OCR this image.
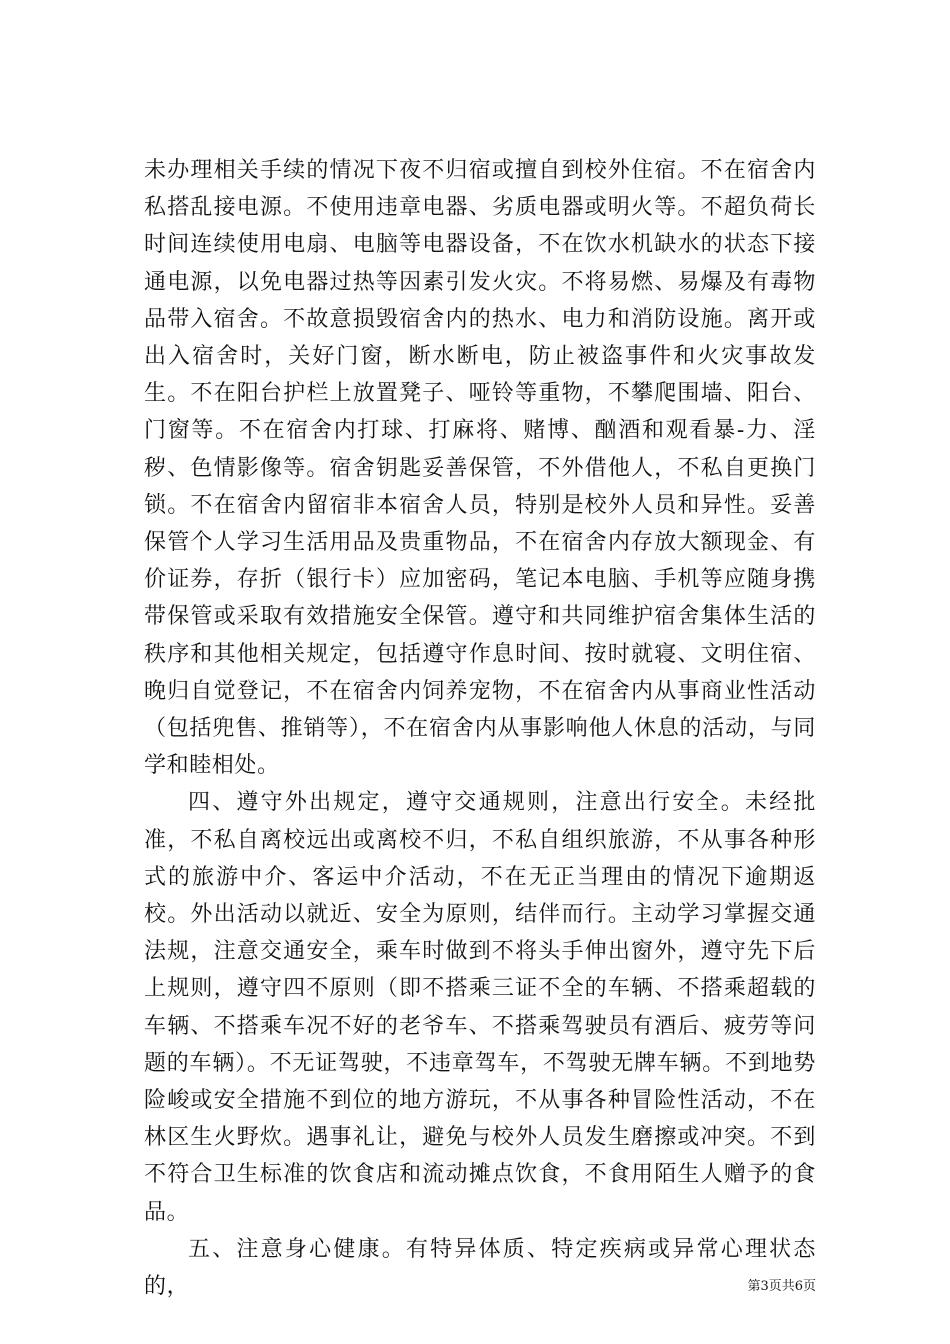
未办理相关手续的情况下夜不归宿或擅自到校外住宿。不在宿舍内私搭乱接电源。不使用违章电器、劣质电器或明火等。不超负荷长时间连续使用电扇、电脑等电器设备，不在饮水机缺水的状态下接通电源，以免电器过热等因素引发火灾。不将易燃、易爆及有毒物品带入宿舍。不故意损毁宿舍内的热水、电力和消防设施。离开或出入宿舍时，关好门窗，断水断电，防止被盗事件和火灾事故发生。不在阳台护栏上放置凳子、哑铃等重物，不攀爬围墙、阳台、门窗等。不在宿舍内打球、打麻将、赌博、酗酒和观看暴-力、淫秽、色情影像等。宿舍钥匙妥善保管，不外借他人，不私自更换门锁。不在宿舍内留宿非本宿舍人员，特别是校外人员和异性。妥善保管个人学习生活用品及贵重物品，不在宿舍内存放大额现金、有价证券，存折（银行卡）应加密码，笔记本电脑、手机等应随身携带保管或采取有效措施安全保管。遵守和共同维护宿舍集体生活的秩序和其他相关规定，包括遵守作息时间、按时就寝、文明住宿、晚归自觉登记，不在宿舍内饲养宠物，不在宿舍内从事商业性活动（包括兜售、推销等），不在宿舍内从事影响他人休息的活动，与同学和睦相处。

四、遵守外出规定，遵守交通规则，注意出行安全。未经批准，不私自离校远出或离校不归，不私自组织旅游，不从事各种形式的旅游中介、客运中介活动，不在无正当理由的情况下逾期返校。外出活动以就近、安全为原则，结伴而行。主动学习掌握交通法规，注意交通安全，乘车时做到不将头手伸出窗外，遵守先下后上规则，遵守四不原则（即不搭乘三证不全的车辆、不搭乘超载的车辆、不搭乘车况不好的老爷车、不搭乘驾驶员有酒后、疲劳等问题的车辆）。不无证驾驶，不违章驾车，不驾驶无牌车辆。不到地势险峻或安全措施不到位的地方游玩，不从事各种冒险性活动，不在林区生火野炊。遇事礼让，避免与校外人员发生磨擦或冲突。不到不符合卫生标准的饮食店和流动摊点饮食，不食用陌生人赠予的食品。

五、注意身心健康。有特异体质、特定疾病或异常心理状态的，	第3页共6页
